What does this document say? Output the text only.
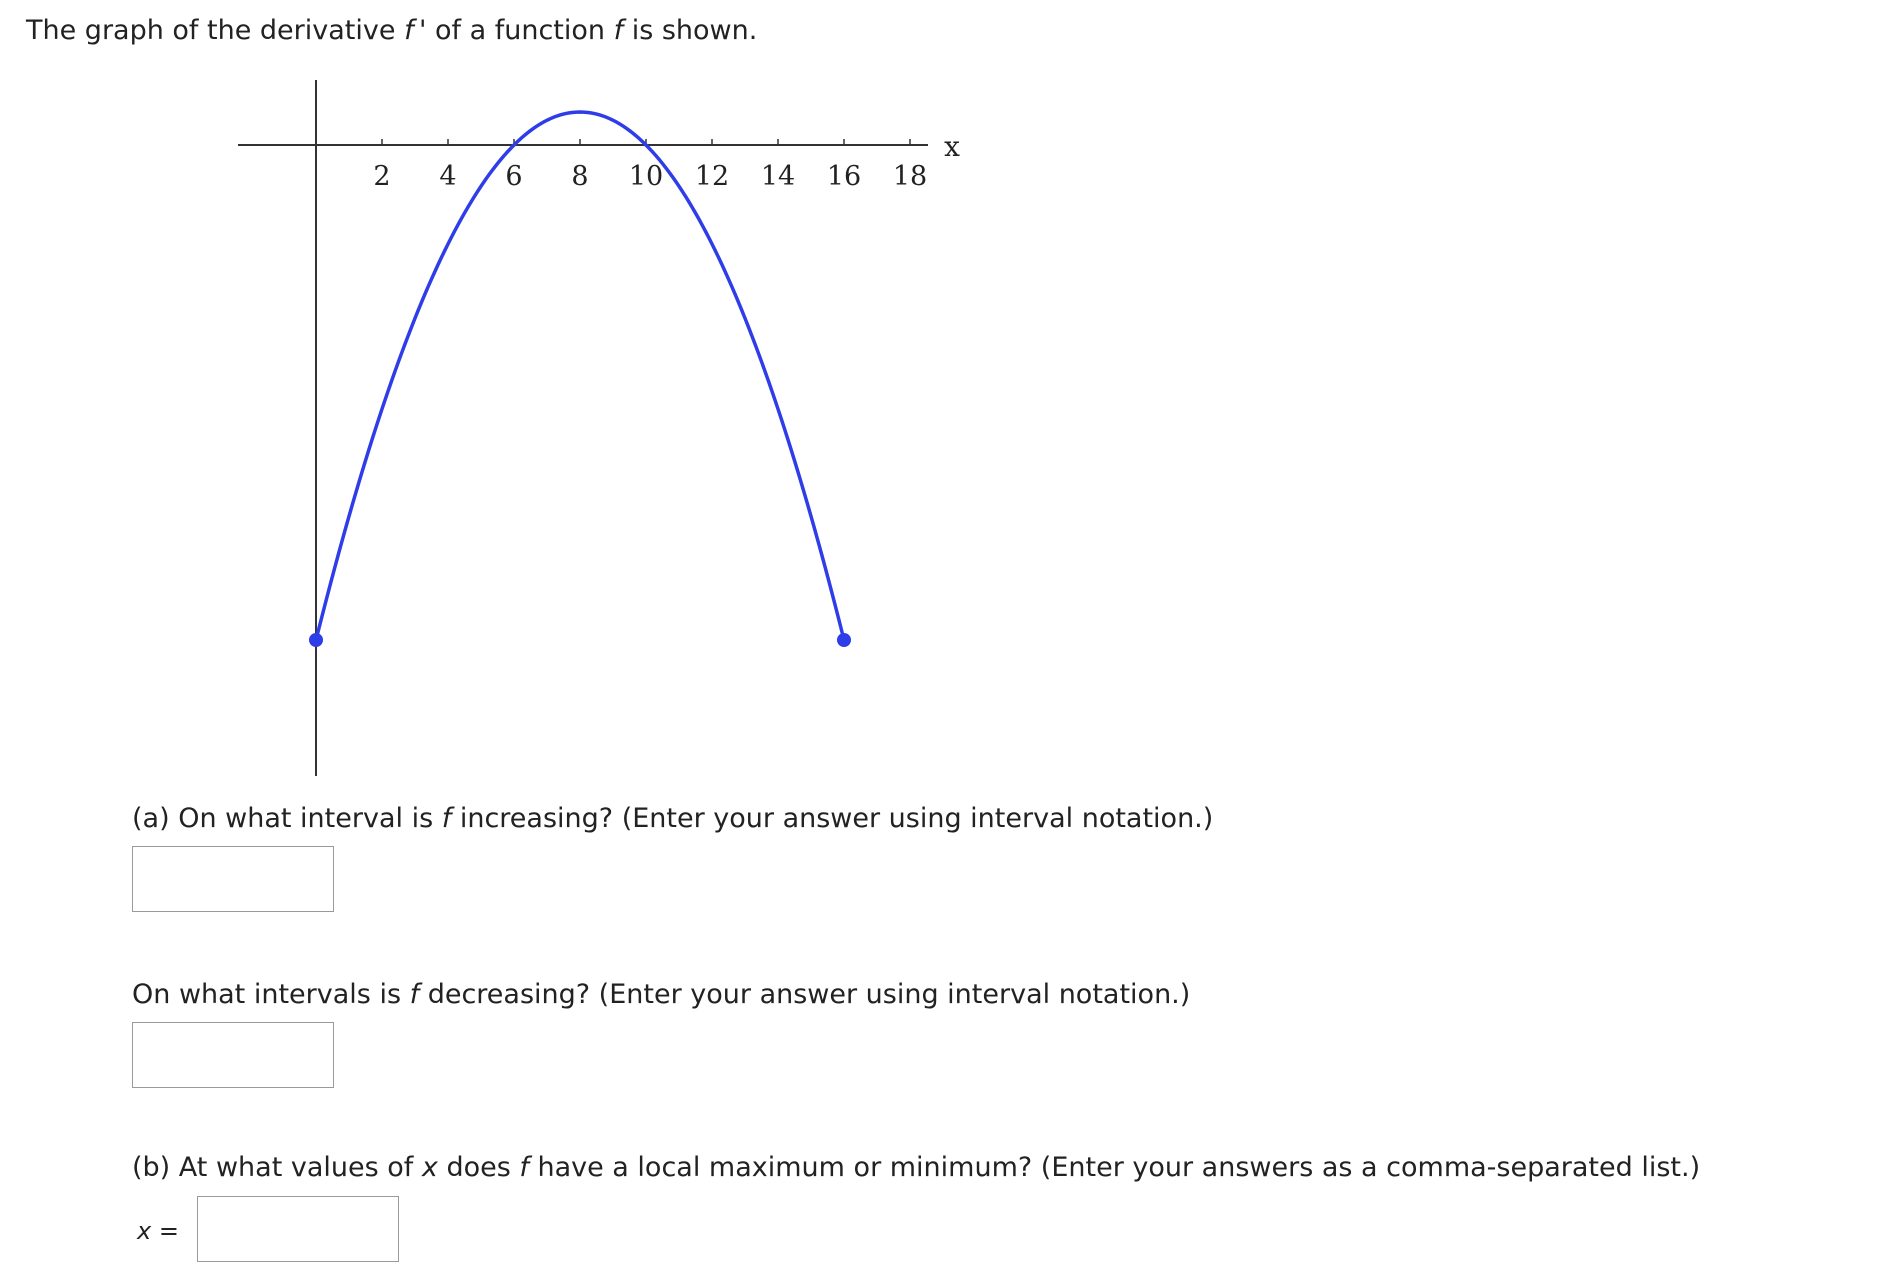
The graph of the derivative f ' of a function f is shown.
x
2 4 6 8 10 12 14 16 18
(a) On what interval is f increasing? (Enter your answer using interval notation.)
On what intervals is f decreasing? (Enter your answer using interval notation.)
(b) At what values of x does f have a local maximum or minimum? (Enter your answers as a comma-separated list.)
x =
